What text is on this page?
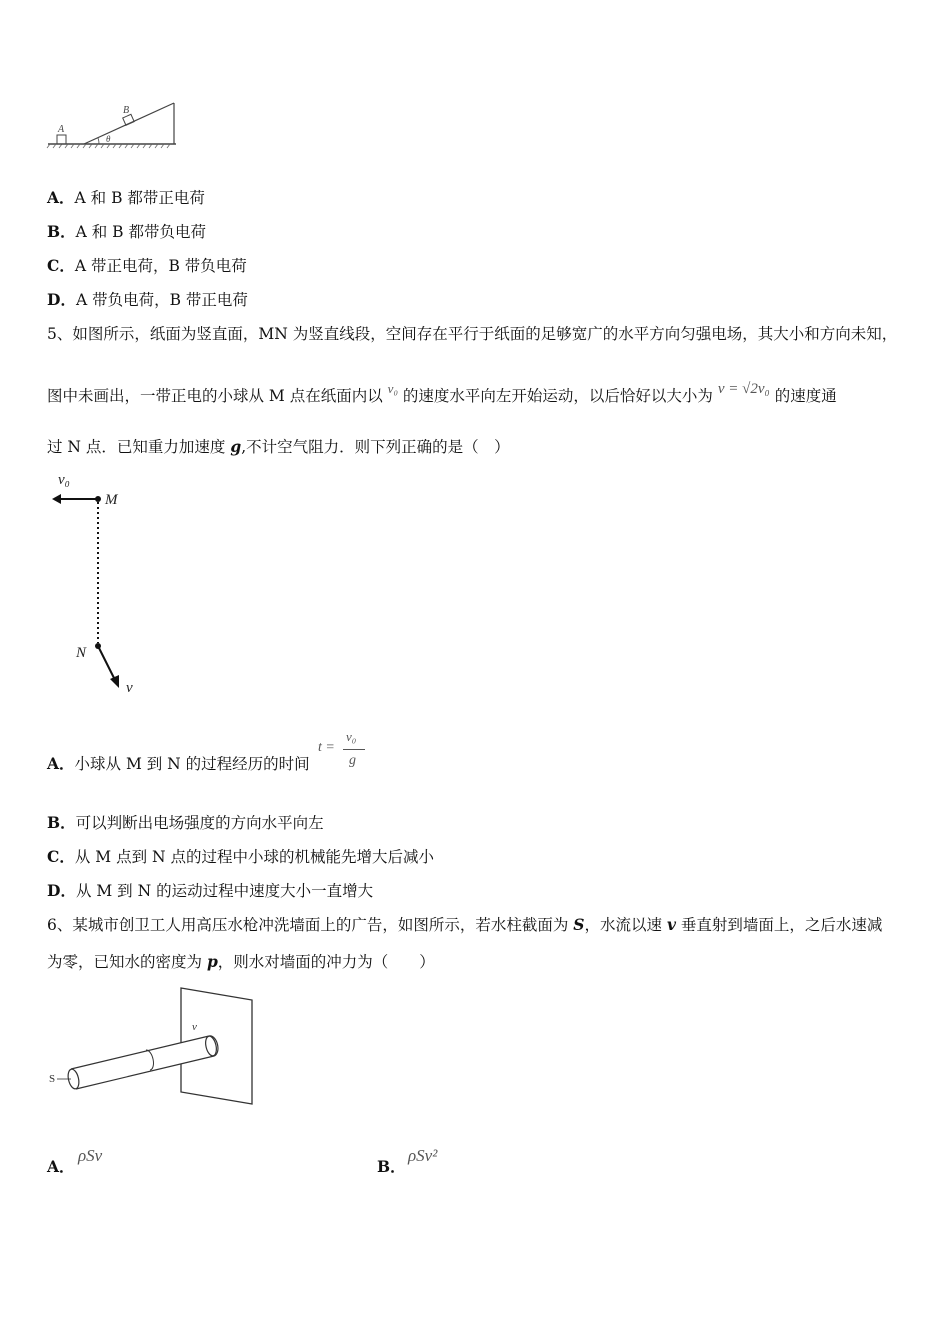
A
B
θ
A．A 和 B 都带正电荷
B．A 和 B 都带负电荷
C．A 带正电荷，B 带负电荷
D．A 带负电荷，B 带正电荷
5、如图所示，纸面为竖直面，MN 为竖直线段，空间存在平行于纸面的足够宽广的水平方向匀强电场，其大小和方向未知，
图中未画出，一带正电的小球从 M 点在纸面内以 $^{v_0}$ 的速度水平向左开始运动，以后恰好以大小为 v = √2v₀ 的速度通
过 N 点．已知重力加速度 g,不计空气阻力．则下列正确的是（　）
v₀
M
N
v
A．小球从 M 到 N 的过程经历的时间
t =
v₀
g
B．可以判断出电场强度的方向水平向左
C．从 M 点到 N 点的过程中小球的机械能先增大后减小
D．从 M 到 N 的运动过程中速度大小一直增大
6、某城市创卫工人用高压水枪冲洗墙面上的广告，如图所示，若水柱截面为 S，水流以速 v 垂直射到墙面上，之后水速减
为零，已知水的密度为 p，则水对墙面的冲力为（　　）
v
S
A．
ρSv
B．
ρSv²
